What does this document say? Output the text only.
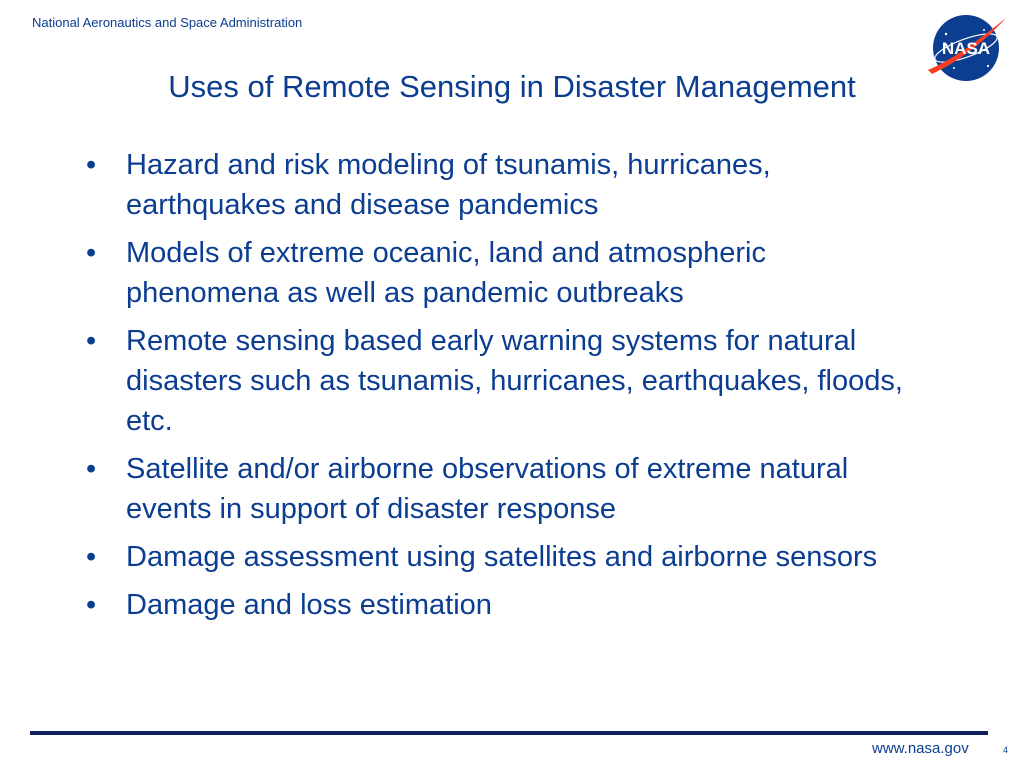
National Aeronautics and Space Administration
NASA
Uses of Remote Sensing in Disaster Management
• Hazard and risk modeling of tsunamis, hurricanes, earthquakes and disease pandemics
• Models of extreme oceanic, land and atmospheric phenomena as well as pandemic outbreaks
• Remote sensing based early warning systems for natural disasters such as tsunamis, hurricanes, earthquakes, floods, etc.
• Satellite and/or airborne observations of extreme natural events in support of disaster response
• Damage assessment using satellites and airborne sensors
• Damage and loss estimation
www.nasa.gov	4
